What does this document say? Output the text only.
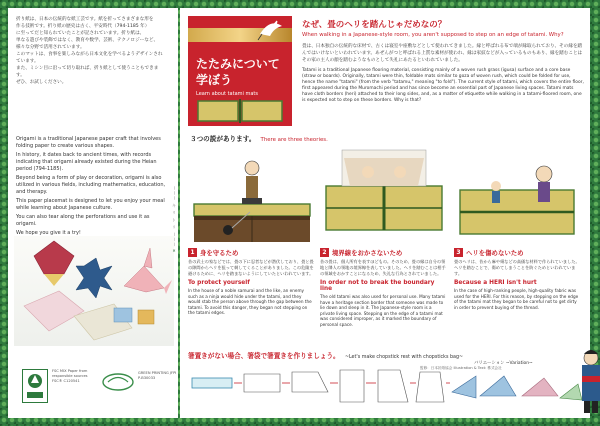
折り紙は、日本の伝統的な紙工芸です。紙を折ってさまざまな形を
作る技術です。折り紙の歴史は古く、平安時代（794-1185 年）
に至ってだと知られていたことが記されています。折り紙は、
単なる遊びや装飾ではなく、教育や数学、芸術、テクノロジーなど、
様々な分野で活用されています。
このマットは、食事を楽しみながら日本文化を学べるようデザインされています。
また、ミシン目に沿って切り取れば、折り紙として使うこともできます。
ぜひ、お試しください。

Origami is a traditional Japanese paper craft that involves folding paper to create various shapes.

In history, it dates back to ancient times, with records indicating that origami already existed during the Heian period (794-1185).

Beyond being a form of play or decoration, origami is also utilized in various fields, including mathematics, education, and therapy.

This paper placemat is designed to let you enjoy your meal while learning about Japanese culture.

You can also tear along the perforations and use it as origami.

We hope you give it a try!

FSC MIX Paper from responsible sources FSC® C120541
GREEN PRINTING JFPI P-B30033
——— キ リ ト リ ———
✕
たたみについて
学ぼう
Learn about tatami mats
なぜ、畳のヘリを踏んじゃだめなの？
When walking in a Japanese-style room, you aren't supposed to step on an edge of tatami. Why?
畳は、日本独自の伝統的な床材で、古くは寝室や座敷などとして使われてきました。縁と呼ばれる布で端が縁取られており、その縁を踏んではいけないといわれています。あぜんがつと呼ばれる上質な素材が使われ、縁は家紋などが入っているものもあり、縁を踏むことはその家の主人の顔を踏むようなものとして失礼にあたるといわれていました。
Tatami is a traditional Japanese flooring material, consisting mainly of a woven rush grass (igusa) surface and a core base (straw or boards). Originally, tatami were thin, foldable mats similar to goza of woven rush, which could be folded for use, hence the name "tatami" (from the verb "tatamu," meaning "to fold"). The current style of tatami, which covers the entire floor, first appeared during the Muromachi period and has since become an essential part of Japanese living spaces. Tatami mats have cloth borders (heri) attached to their long sides, and, as a matter of etiquette while walking in a tatami-floored room, one is expected not to step on these borders. Why is that?
３つの説があります。 There are three theories.
1 身を守るため
昔の武士の家などでは、畳の下に忍者などが潜伏しており、畳と畳の隙間からヘリを狙って刺してくることがありました。この危険を避けるために、ヘリを踏まないようにしていたといわれています。
To protect yourself
In the house of a noble samurai and the like, an enemy such as a ninja would hide under the tatami, and they would stab the person above through the gap between the tatami. To avoid this danger, they began not stepping on the tatami edges.
2 境界線をおかさないため
昔の畳は、個人所有を表すほどもの。そのため、畳の縁は自分の領地と隣人の領地の境界線を表していました。ヘリを踏むことは相手の領域をおかすことになるため、失礼な行為とされていました。
In order not to break the boundary line
The old tatami was also used for personal use. Many tatami have a heritage section border that someone was made to lie down and sleep in it. The Japanese-style room is a private living space. Stepping on the edge of a tatami mat was considered improper, as it marked the boundary of personal space.
3 ヘリを傷めないため
畳のヘリは、昔から麻や絹などの高価な材料で作られていました。ヘリを踏むことで、傷めてしまうことを防ぐためといわれています。
Because a HERI isn't hurt
In the case of high-ranking people, high-quality fabric was used for the HERI. For this reason, by stepping on the edge of the tatami mat they began to be careful not to get dirty in order to prevent buying of the thread.
箸置きがない場合、箸袋で箸置きを作りましょう。 ~Let's make chopstick rest with chopsticks bag~
バリエーション ~Variation~
監修：日本折紙協会 Illustration & Text: 株式会社
